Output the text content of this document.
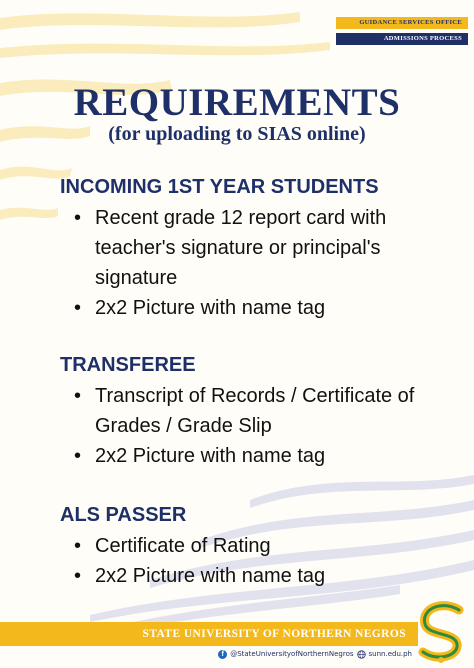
GUIDANCE SERVICES OFFICE
ADMISSIONS PROCESS
REQUIREMENTS
(for uploading to SIAS online)
INCOMING 1ST YEAR STUDENTS
• Recent grade 12 report card with teacher's signature or principal's signature
• 2x2 Picture with name tag
TRANSFEREE
• Transcript of Records / Certificate of Grades / Grade Slip
• 2x2 Picture with name tag
ALS PASSER
• Certificate of Rating
• 2x2 Picture with name tag
STATE UNIVERSITY OF NORTHERN NEGROS
f @StateUniversityofNorthernNegros sunn.edu.ph
